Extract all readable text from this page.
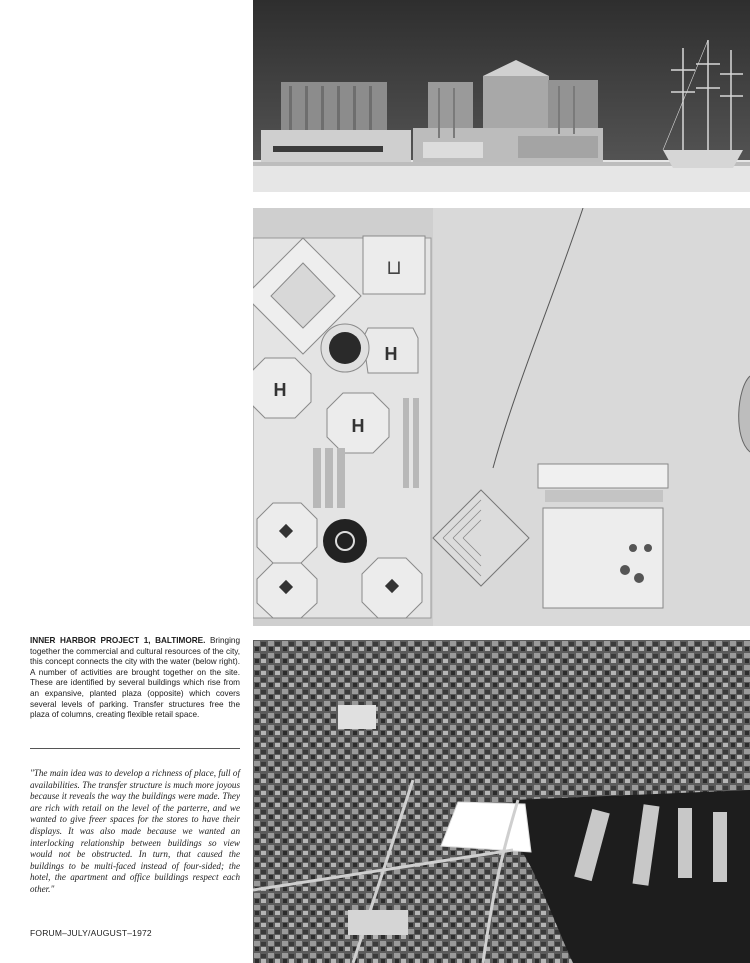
⊔
H
H
H
INNER HARBOR PROJECT 1, BALTIMORE. Bringing together the commercial and cultural resources of the city, this concept connects the city with the water (below right). A number of activities are brought together on the site. These are identified by several buildings which rise from an expansive, planted plaza (opposite) which covers several levels of parking. Transfer structures free the plaza of columns, creating flexible retail space.
"The main idea was to develop a richness of place, full of availabilities. The transfer structure is much more joyous because it reveals the way the buildings were made. They are rich with retail on the level of the parterre, and we wanted to give freer spaces for the stores to have their displays. It was also made because we wanted an interlocking relationship between buildings so view would not be obstructed. In turn, that caused the buildings to be multi-faced instead of four-sided; the hotel, the apartment and office buildings respect each other."
FORUM–JULY/AUGUST–1972
